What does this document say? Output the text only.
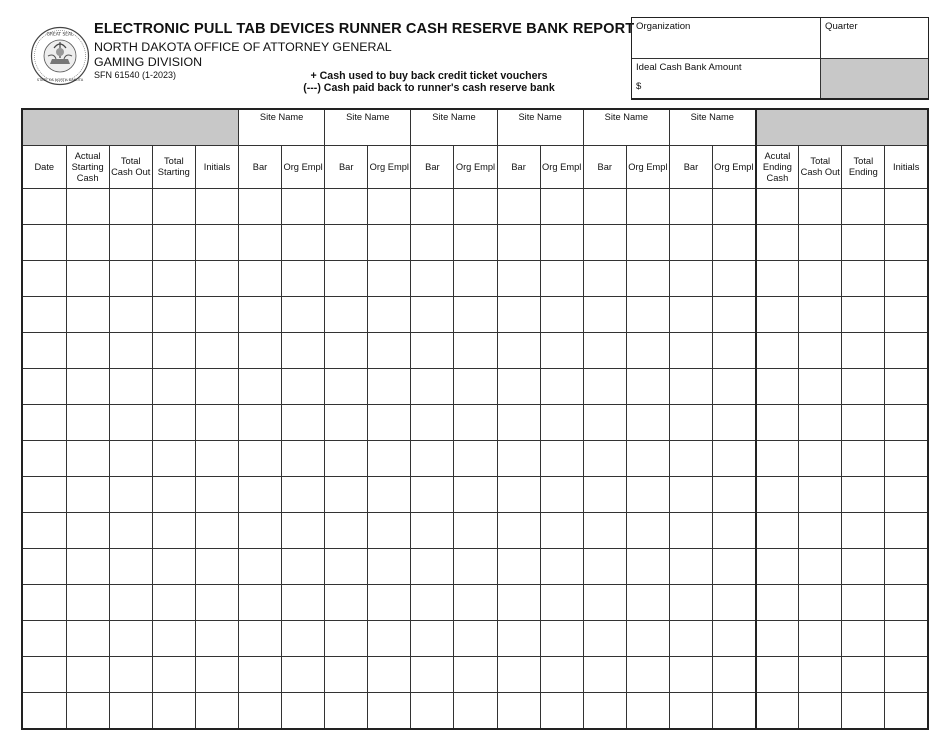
GREAT SEAL
STATE OF NORTH DAKOTA
ELECTRONIC PULL TAB DEVICES RUNNER CASH RESERVE BANK REPORT
NORTH DAKOTA OFFICE OF ATTORNEY GENERAL
GAMING DIVISION
SFN 61540 (1-2023)	+ Cash used to buy back credit ticket vouchers
(---) Cash paid back to runner's cash reserve bank
Organization	Quarter
Ideal Cash Bank Amount
$
					Site Name		Site Name		Site Name		Site Name		Site Name		Site Name					
Date	Actual Starting Cash	Total Cash Out	Total Starting	Initials	Bar	Org Empl	Bar	Org Empl	Bar	Org Empl	Bar	Org Empl	Bar	Org Empl	Bar	Org Empl	Acutal Ending Cash	Total Cash Out	Total Ending	Initials
